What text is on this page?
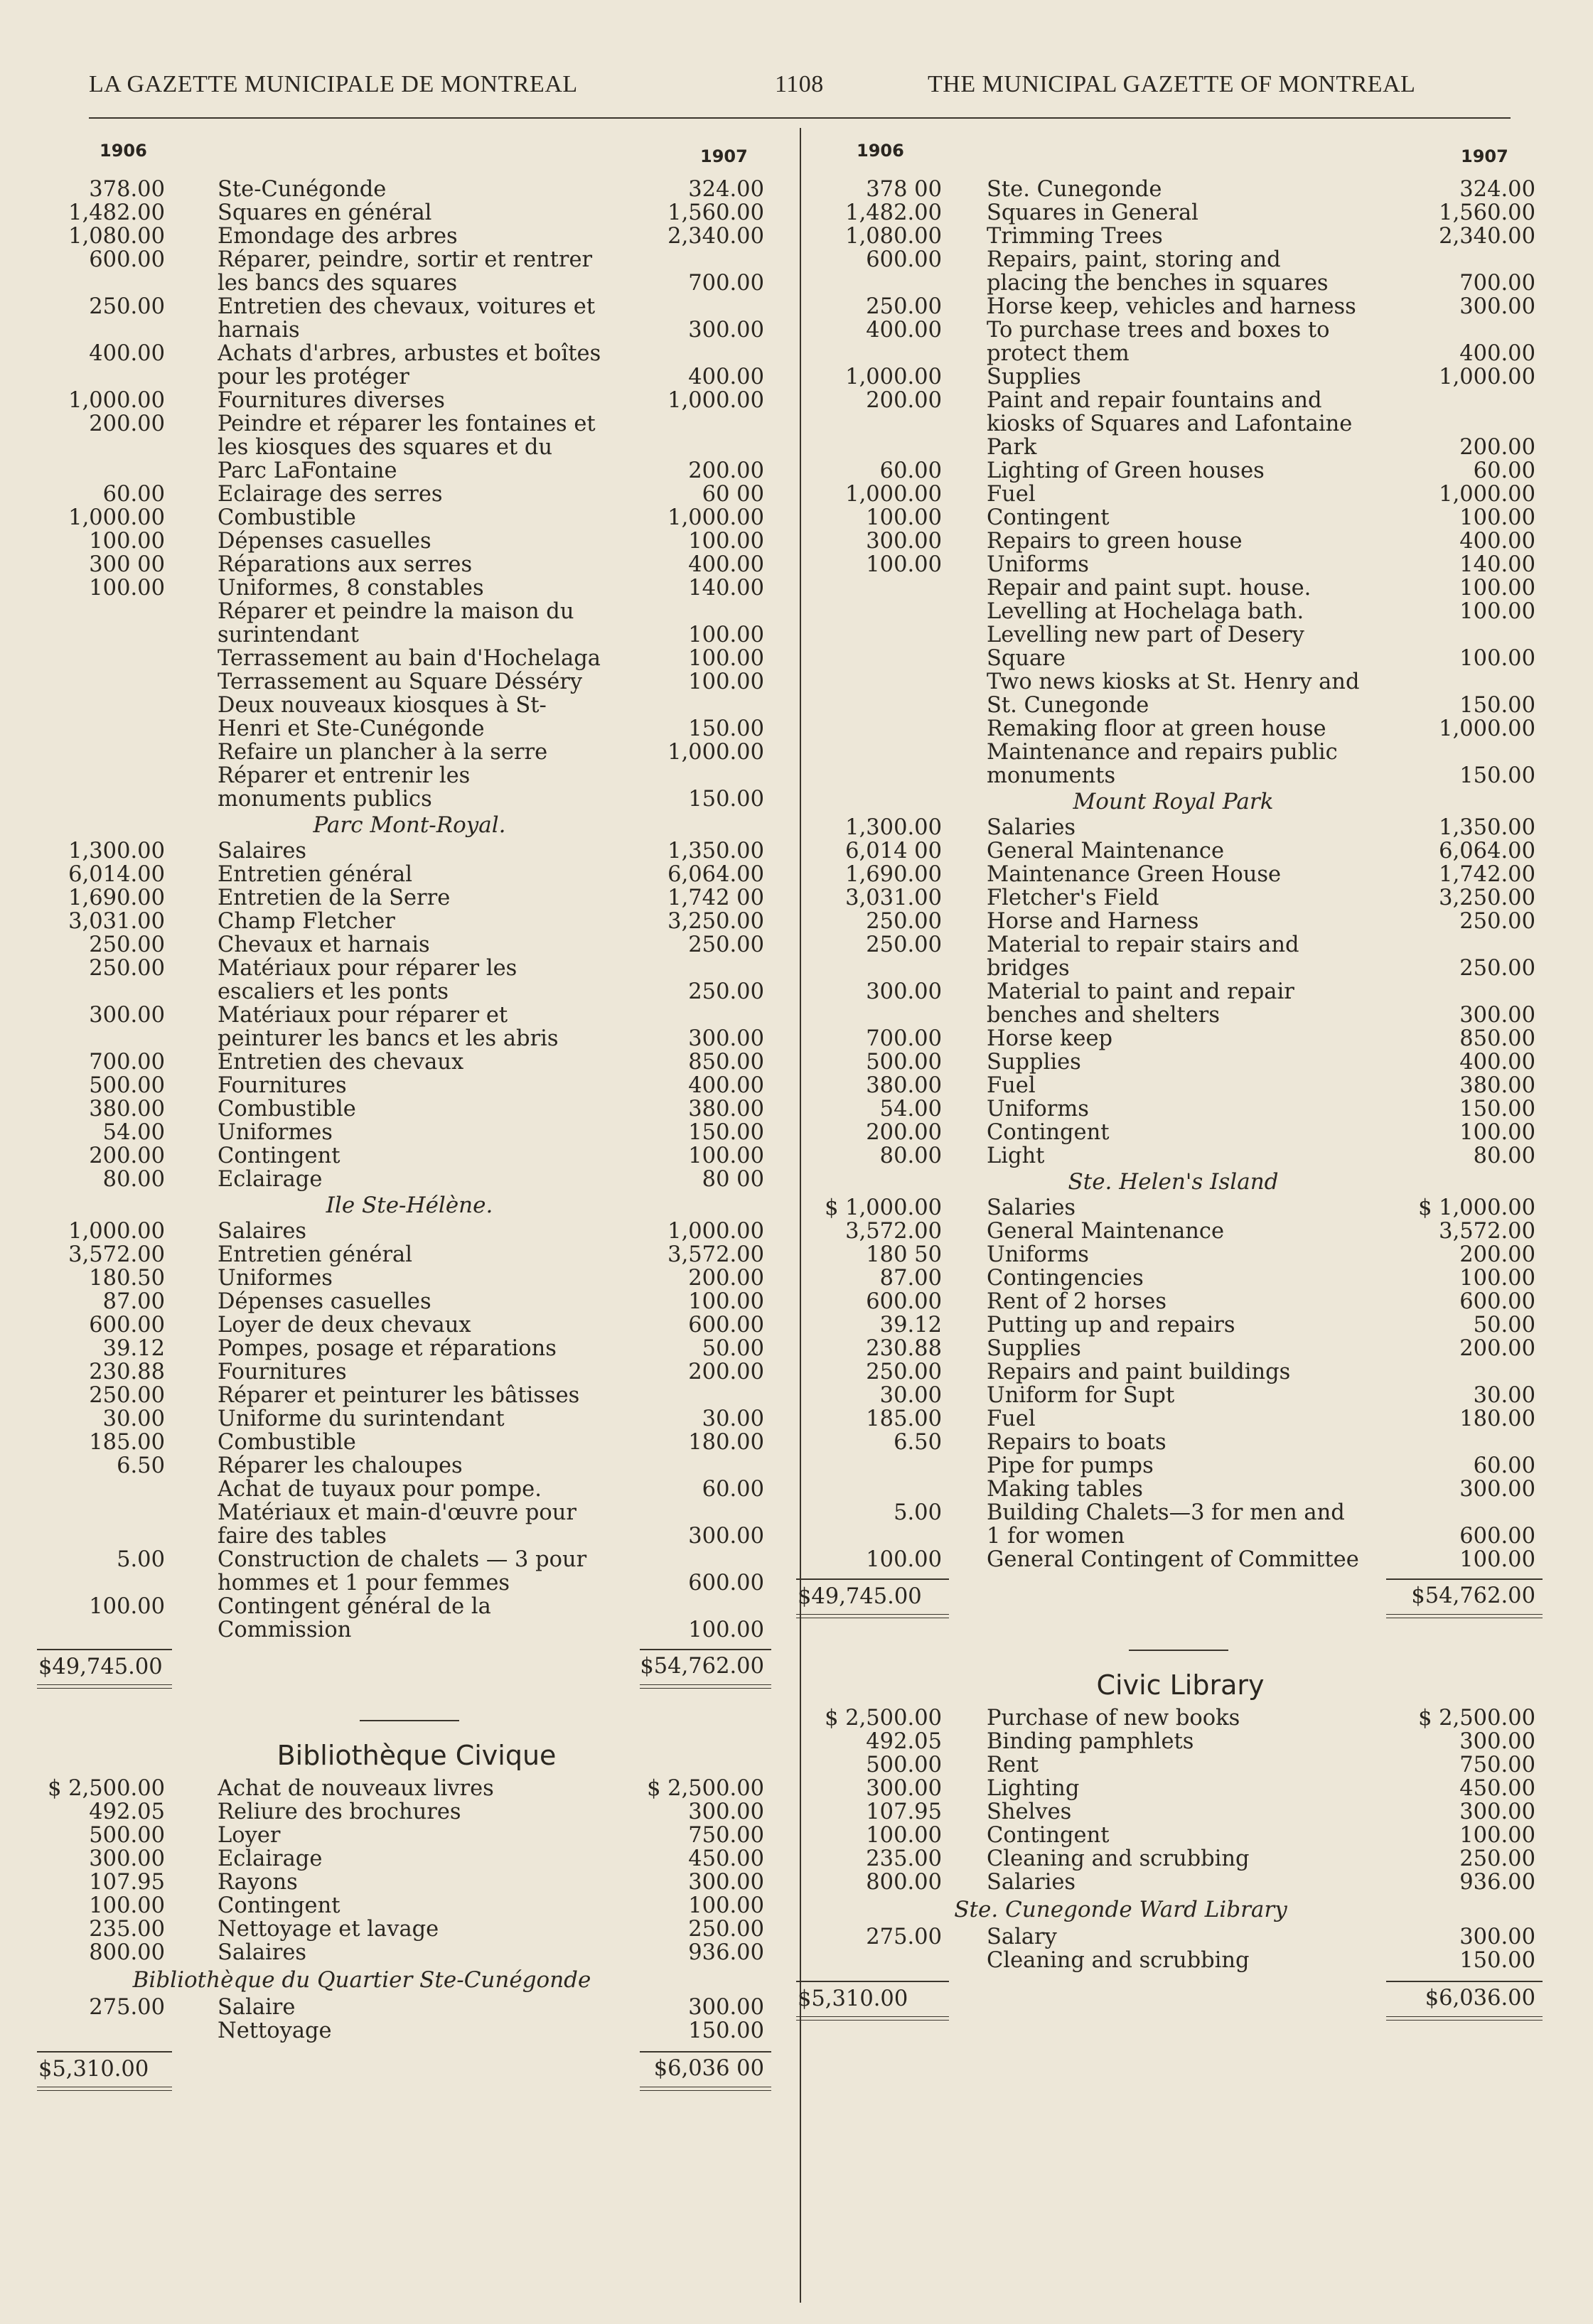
LA GAZETTE MUNICIPALE DE MONTREAL	1108	THE MUNICIPAL GAZETTE OF MONTREAL
1906	1907
378.00 Ste-Cunégonde	324.00
1,482.00 Squares en général	1,560.00
1,080.00 Emondage des arbres	2,340.00
600.00 Réparer, peindre, sortir et rentrer les bancs des squares	700.00
250.00 Entretien des chevaux, voitures et harnais	300.00
400.00 Achats d'arbres, arbustes et boîtes pour les protéger	400.00
1,000.00 Fournitures diverses	1,000.00
200.00 Peindre et réparer les fontaines et les kiosques des squares et du Parc LaFontaine	200.00
60.00 Eclairage des serres	60 00
1,000.00 Combustible	1,000.00
100.00 Dépenses casuelles	100.00
300 00 Réparations aux serres	400.00
100.00 Uniformes, 8 constables	140.00
Réparer et peindre la maison du surintendant	100.00
Terrassement au bain d'Hochelaga	100.00
Terrassement au Square Désséry	100.00
Deux nouveaux kiosques à St-Henri et Ste-Cunégonde	150.00
Refaire un plancher à la serre	1,000.00
Réparer et entrenir les monuments publics	150.00
Parc Mont-Royal.
1,300.00 Salaires	1,350.00
6,014.00 Entretien général	6,064.00
1,690.00 Entretien de la Serre	1,742 00
3,031.00 Champ Fletcher	3,250.00
250.00 Chevaux et harnais	250.00
250.00 Matériaux pour réparer les escaliers et les ponts	250.00
300.00 Matériaux pour réparer et peinturer les bancs et les abris	300.00
700.00 Entretien des chevaux	850.00
500.00 Fournitures	400.00
380.00 Combustible	380.00
54.00 Uniformes	150.00
200.00 Contingent	100.00
80.00 Eclairage	80 00
Ile Ste-Hélène.
1,000.00 Salaires	1,000.00
3,572.00 Entretien général	3,572.00
180.50 Uniformes	200.00
87.00 Dépenses casuelles	100.00
600.00 Loyer de deux chevaux	600.00
39.12 Pompes, posage et réparations	50.00
230.88 Fournitures	200.00
250.00 Réparer et peinturer les bâtisses
30.00 Uniforme du surintendant	30.00
185.00 Combustible	180.00
6.50 Réparer les chaloupes
Achat de tuyaux pour pompe.	60.00
Matériaux et main-d'œuvre pour faire des tables	300.00
5.00 Construction de chalets — 3 pour hommes et 1 pour femmes	600.00
100.00 Contingent général de la Commission	100.00
$49,745.00	$54,762.00
Bibliothèque Civique
$ 2,500.00 Achat de nouveaux livres	$ 2,500.00
492.05 Reliure des brochures	300.00
500.00 Loyer	750.00
300.00 Eclairage	450.00
107.95 Rayons	300.00
100.00 Contingent	100.00
235.00 Nettoyage et lavage	250.00
800.00 Salaires	936.00
Bibliothèque du Quartier Ste-Cunégonde
275.00 Salaire	300.00
Nettoyage	150.00
$5,310.00	$6,036 00
1906	1907
378 00 Ste. Cunegonde	324.00
1,482.00 Squares in General	1,560.00
1,080.00 Trimming Trees	2,340.00
600.00 Repairs, paint, storing and placing the benches in squares	700.00
250.00 Horse keep, vehicles and harness	300.00
400.00 To purchase trees and boxes to protect them	400.00
1,000.00 Supplies	1,000.00
200.00 Paint and repair fountains and kiosks of Squares and Lafontaine Park	200.00
60.00 Lighting of Green houses	60.00
1,000.00 Fuel	1,000.00
100.00 Contingent	100.00
300.00 Repairs to green house	400.00
100.00 Uniforms	140.00
Repair and paint supt. house.	100.00
Levelling at Hochelaga bath.	100.00
Levelling new part of Desery Square	100.00
Two news kiosks at St. Henry and St. Cunegonde	150.00
Remaking floor at green house	1,000.00
Maintenance and repairs public monuments	150.00
Mount Royal Park
1,300.00 Salaries	1,350.00
6,014 00 General Maintenance	6,064.00
1,690.00 Maintenance Green House	1,742.00
3,031.00 Fletcher's Field	3,250.00
250.00 Horse and Harness	250.00
250.00 Material to repair stairs and bridges	250.00
300.00 Material to paint and repair benches and shelters	300.00
700.00 Horse keep	850.00
500.00 Supplies	400.00
380.00 Fuel	380.00
54.00 Uniforms	150.00
200.00 Contingent	100.00
80.00 Light	80.00
Ste. Helen's Island
$ 1,000.00 Salaries	$ 1,000.00
3,572.00 General Maintenance	3,572.00
180 50 Uniforms	200.00
87.00 Contingencies	100.00
600.00 Rent of 2 horses	600.00
39.12 Putting up and repairs	50.00
230.88 Supplies	200.00
250.00 Repairs and paint buildings
30.00 Uniform for Supt	30.00
185.00 Fuel	180.00
6.50 Repairs to boats
Pipe for pumps	60.00
Making tables	300.00
5.00 Building Chalets—3 for men and 1 for women	600.00
100.00 General Contingent of Committee	100.00
$49,745.00	$54,762.00
Civic Library
$ 2,500.00 Purchase of new books	$ 2,500.00
492.05 Binding pamphlets	300.00
500.00 Rent	750.00
300.00 Lighting	450.00
107.95 Shelves	300.00
100.00 Contingent	100.00
235.00 Cleaning and scrubbing	250.00
800.00 Salaries	936.00
Ste. Cunegonde Ward Library
275.00 Salary	300.00
Cleaning and scrubbing	150.00
$5,310.00	$6,036.00
